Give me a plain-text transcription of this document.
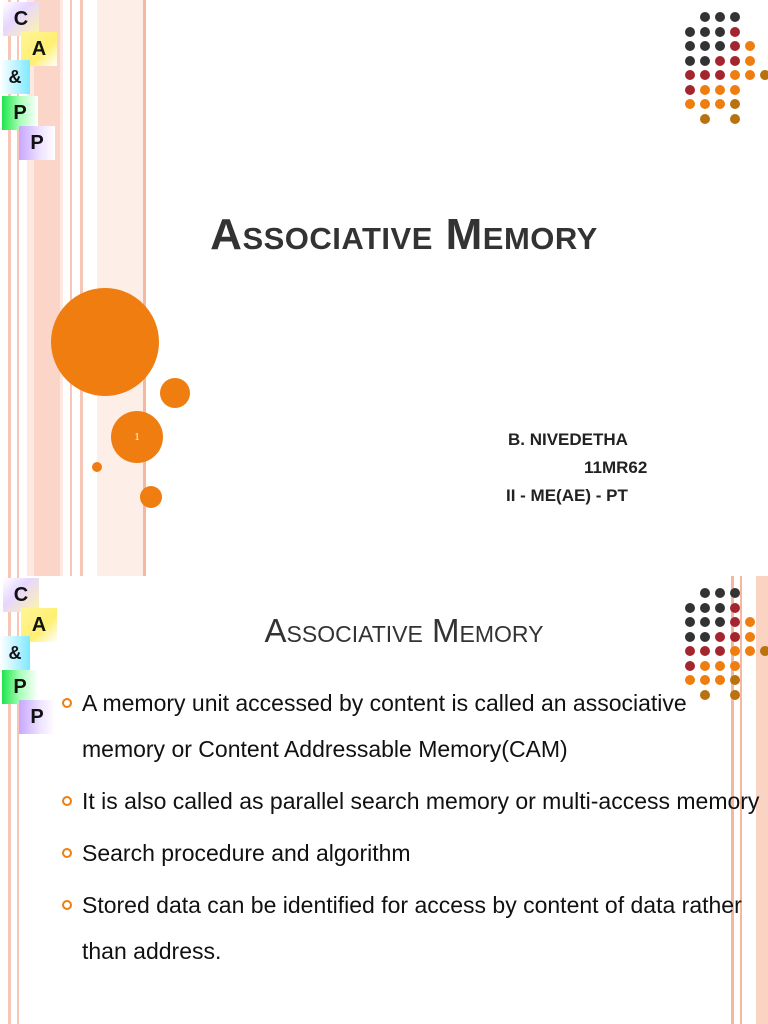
C
A
&
P
P
1
Associative Memory
B. NIVEDETHA
11MR62
II - ME(AE) - PT
C
A
&
P
P
Associative Memory
A memory unit accessed by content is called an associative memory or Content Addressable Memory(CAM)
It is also called as parallel search memory or multi-access memory
Search procedure and algorithm
Stored data can be identified for access by content of data rather than address.
